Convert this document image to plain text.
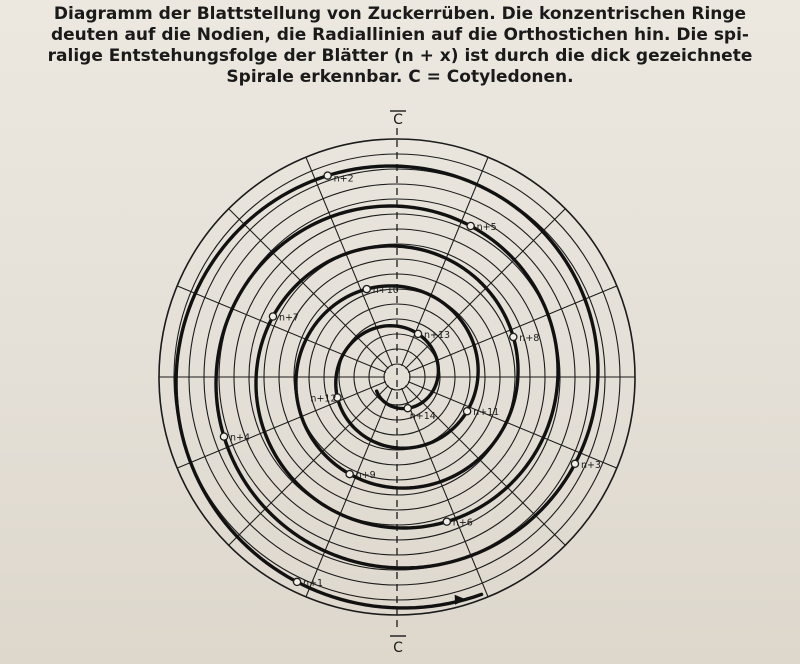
Diagramm der Blattstellung von Zuckerrüben. Die konzentrischen Ringe
deuten auf die Nodien, die Radiallinien auf die Orthostichen hin. Die spi-
ralige Entstehungsfolge der Blätter (n + x) ist durch die dick gezeichnete
Spirale erkennbar. C = Cotyledonen.
n+1
n+2
n+3
n+4
n+5
n+6
n+7
n+8
n+9
n+10
n+11
n+12
n+13
n+14
C
C
